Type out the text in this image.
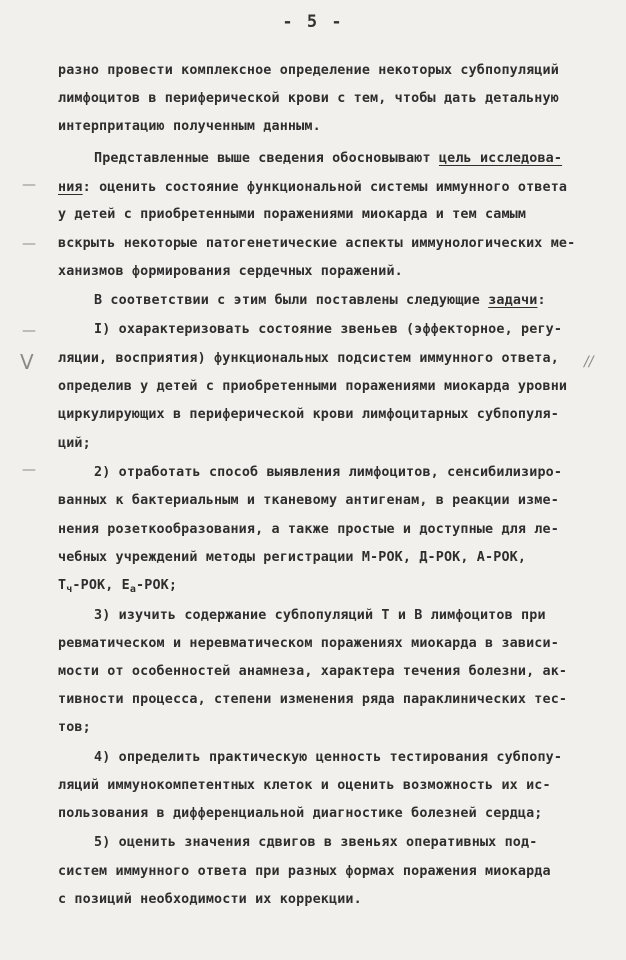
- 5 -
—
—
—
V
—
//
разно провести комплексное определение некоторых субпопуляций
лимфоцитов в периферической крови с тем, чтобы дать детальную
интерпритацию полученным данным.
Представленные выше сведения обосновывают цель исследова-
ния: оценить состояние функциональной системы иммунного ответа
у детей с приобретенными поражениями миокарда и тем самым
вскрыть некоторые патогенетические аспекты иммунологических ме-
ханизмов формирования сердечных поражений.
В соответствии с этим были поставлены следующие задачи:
I) охарактеризовать состояние звеньев (эффекторное, регу-
ляции, восприятия) функциональных подсистем иммунного ответа,
определив у детей с приобретенными поражениями миокарда уровни
циркулирующих в периферической крови лимфоцитарных субпопуля-
ций;
2) отработать способ выявления лимфоцитов, сенсибилизиро-
ванных к бактериальным и тканевому антигенам, в реакции изме-
нения розеткообразования, а также простые и доступные для ле-
чебных учреждений методы регистрации М-РОК, Д-РОК, А-РОК,
$Т_ч$-РОК, $Е_а$-РОК;
3) изучить содержание субпопуляций Т и В лимфоцитов при
ревматическом и неревматическом поражениях миокарда в зависи-
мости от особенностей анамнеза, характера течения болезни, ак-
тивности процесса, степени изменения ряда параклинических тес-
тов;
4) определить практическую ценность тестирования субпопу-
ляций иммунокомпетентных клеток и оценить возможность их ис-
пользования в дифференциальной диагностике болезней сердца;
5) оценить значения сдвигов в звеньях оперативных под-
систем иммунного ответа при разных формах поражения миокарда
с позиций необходимости их коррекции.
